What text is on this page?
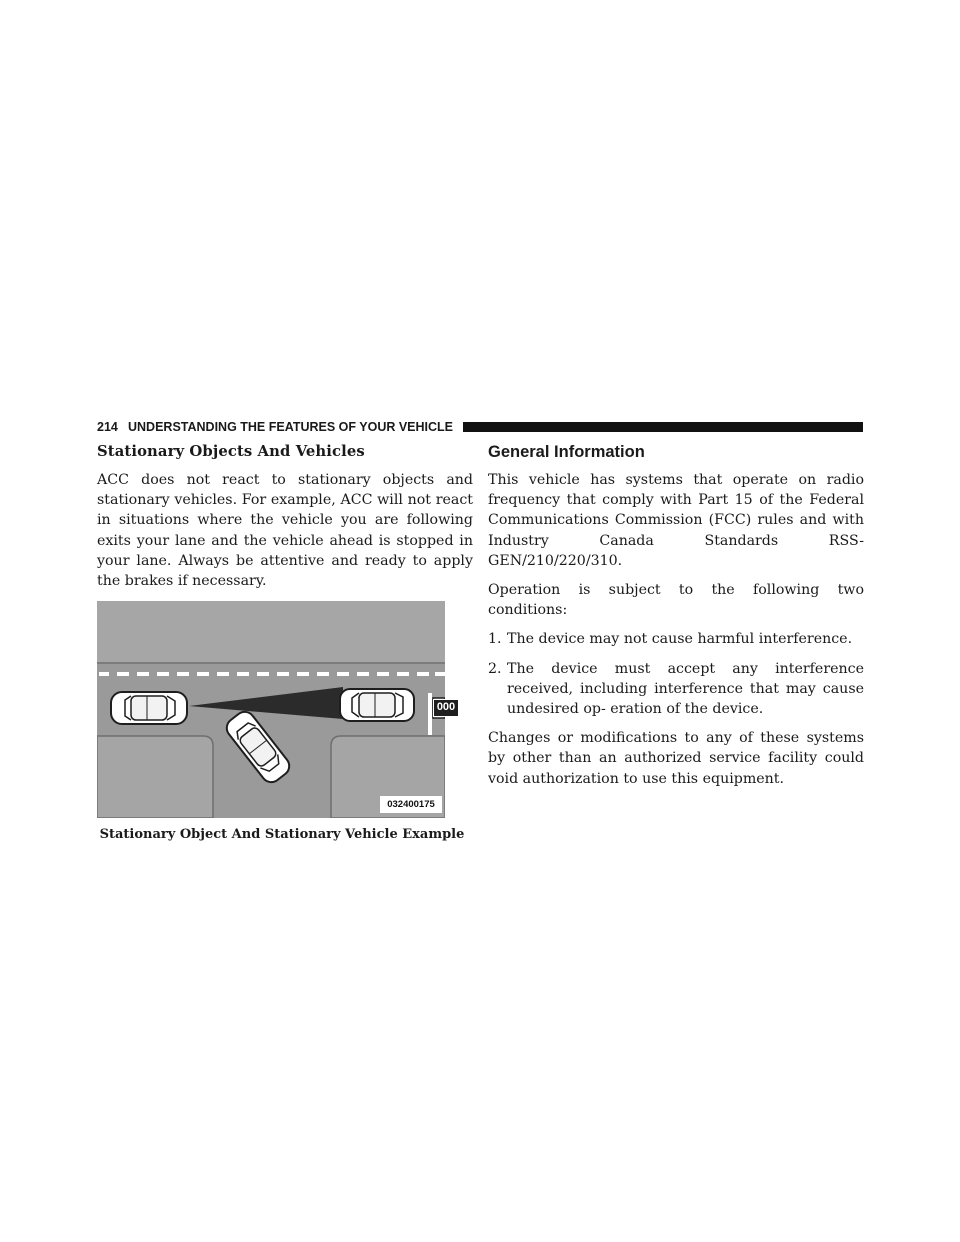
214 UNDERSTANDING THE FEATURES OF YOUR VEHICLE
Stationary Objects And Vehicles

ACC does not react to stationary objects and stationary vehicles. For example, ACC will not react in situations where the vehicle you are following exits your lane and the vehicle ahead is stopped in your lane. Always be attentive and ready to apply the brakes if necessary.

000
032400175
Stationary Object And Stationary Vehicle Example
General Information

This vehicle has systems that operate on radio frequency that comply with Part 15 of the Federal Communications Commission (FCC) rules and with Industry Canada Standards RSS- GEN/210/220/310.

Operation is subject to the following two conditions:

1. The device may not cause harmful interference.
2. The device must accept any interference received, including interference that may cause undesired op- eration of the device.

Changes or modifications to any of these systems by other than an authorized service facility could void authorization to use this equipment.
